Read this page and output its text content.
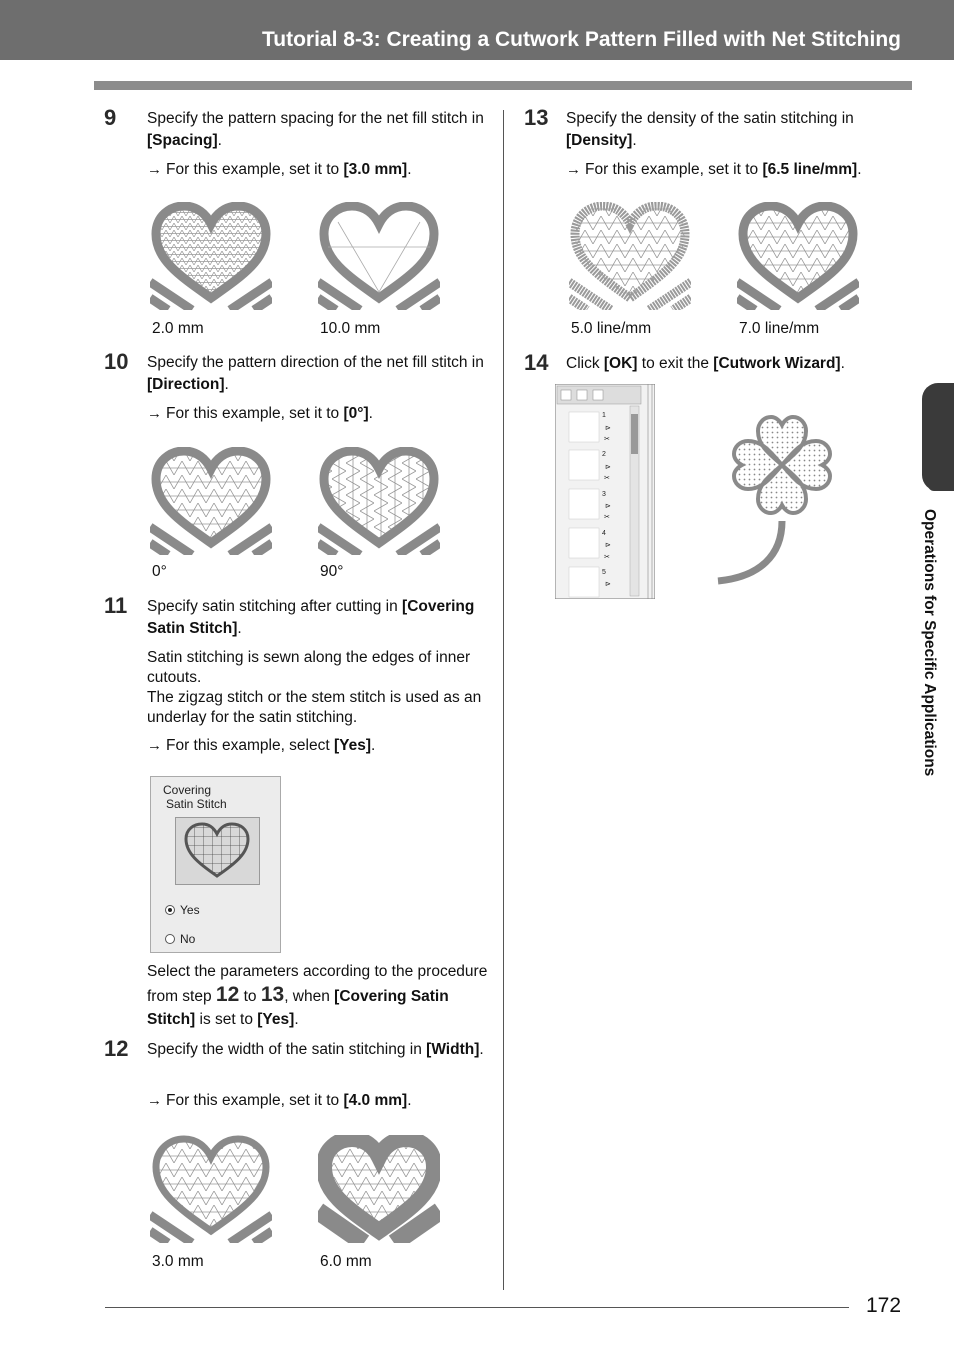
Tutorial 8-3: Creating a Cutwork Pattern Filled with Net Stitching
Operations for Specific Applications
9 Specify the pattern spacing for the net fill stitch in [Spacing].
→ For this example, set it to [3.0 mm].
2.0 mm	10.0 mm
10 Specify the pattern direction of the net fill stitch in [Direction].
→ For this example, set it to [0°].
0°	90°
11 Specify satin stitching after cutting in [Covering Satin Stitch].
Satin stitching is sewn along the edges of inner cutouts.
The zigzag stitch or the stem stitch is used as an underlay for the satin stitching.
→ For this example, select [Yes].
Covering
Satin Stitch
Yes
No
Select the parameters according to the procedure from step 12 to 13, when [Covering Satin Stitch] is set to [Yes].
12 Specify the width of the satin stitching in [Width].
→ For this example, set it to [4.0 mm].
3.0 mm	6.0 mm
13 Specify the density of the satin stitching in [Density].
→ For this example, set it to [6.5 line/mm].
5.0 line/mm	7.0 line/mm
14 Click [OK] to exit the [Cutwork Wizard].
1
⊳
✂
2
⊳
✂
3
⊳
✂
4
⊳
✂
5
⊳
172
